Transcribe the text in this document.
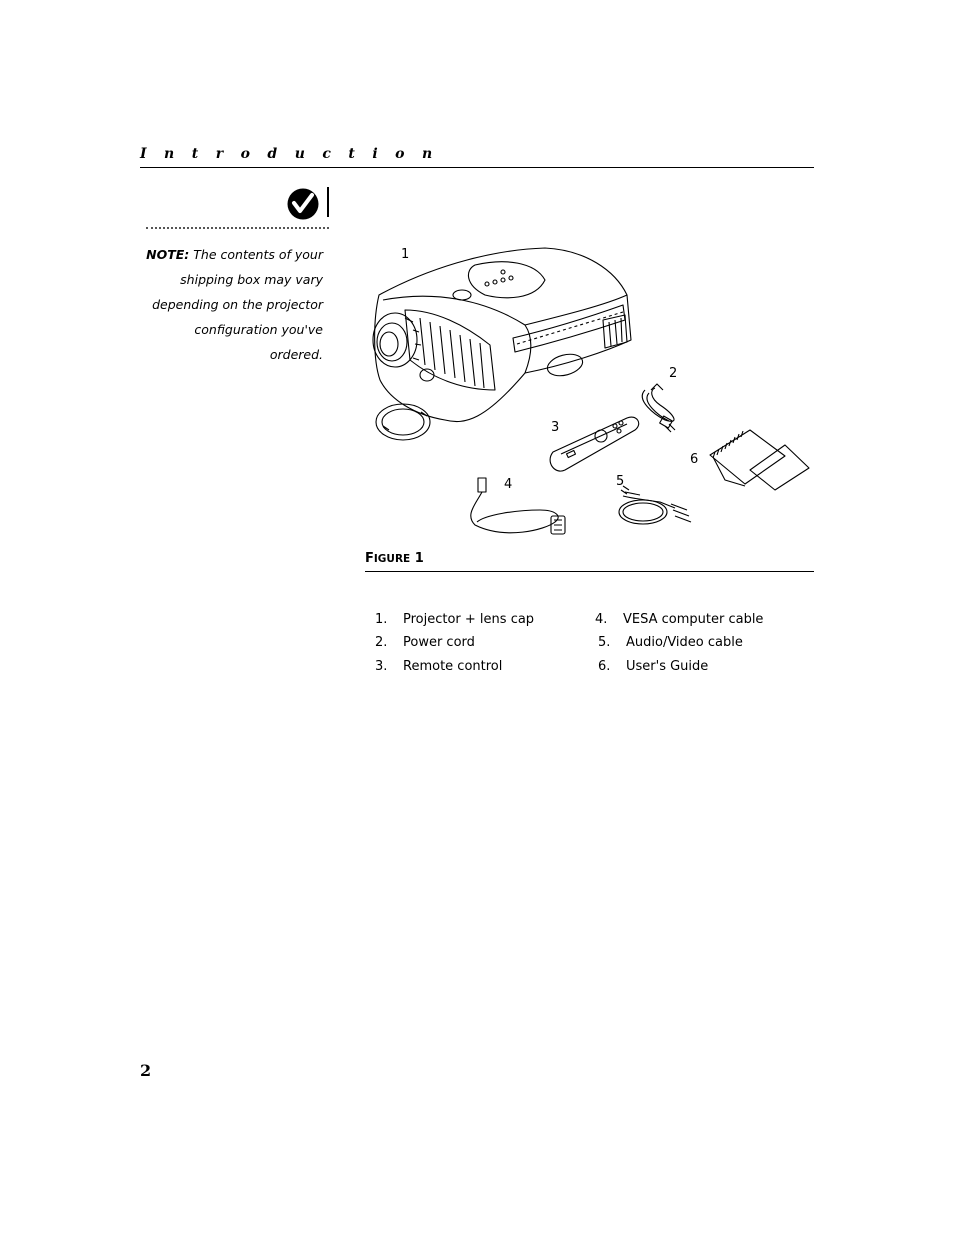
Introduction
NOTE: The contents of your shipping box may vary depending on the projector configuration you've ordered.
1
2
3
4	5
6
FIGURE 1
1. Projector + lens cap
2. Power cord
3. Remote control
4. VESA computer cable
5. Audio/Video cable
6. User's Guide
2
